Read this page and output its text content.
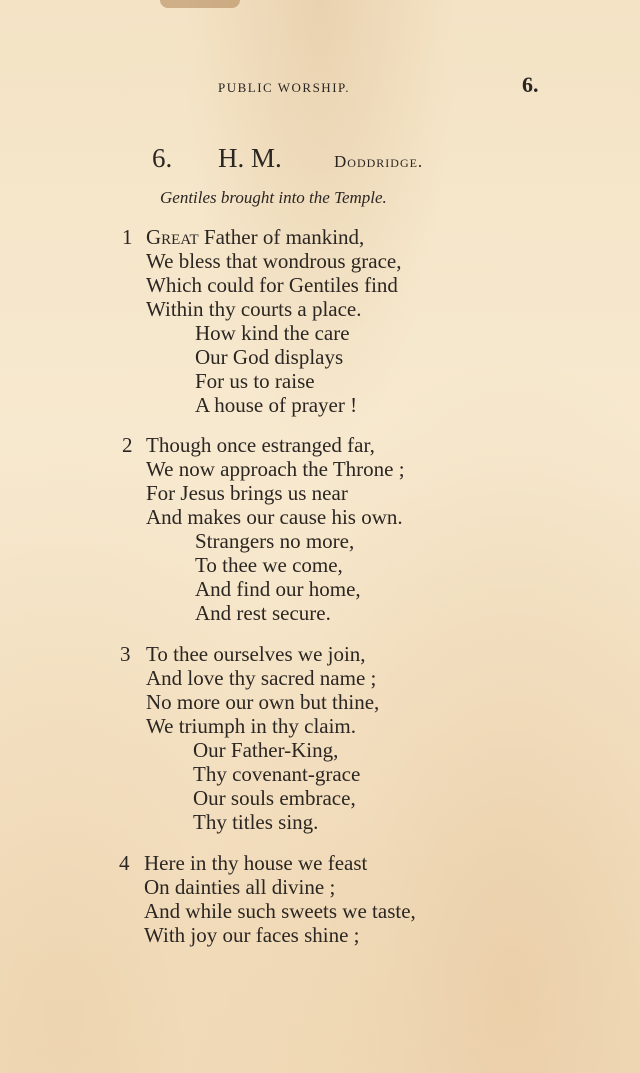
PUBLIC WORSHIP.	6.
6. H. M.	Doddridge.
Gentiles brought into the Temple.
1 Great Father of mankind,
We bless that wondrous grace,
Which could for Gentiles find
Within thy courts a place.
How kind the care
Our God displays
For us to raise
A house of prayer !
2 Though once estranged far,
We now approach the Throne ;
For Jesus brings us near
And makes our cause his own.
Strangers no more,
To thee we come,
And find our home,
And rest secure.
3 To thee ourselves we join,
And love thy sacred name ;
No more our own but thine,
We triumph in thy claim.
Our Father-King,
Thy covenant-grace
Our souls embrace,
Thy titles sing.
4 Here in thy house we feast
On dainties all divine ;
And while such sweets we taste,
With joy our faces shine ;
